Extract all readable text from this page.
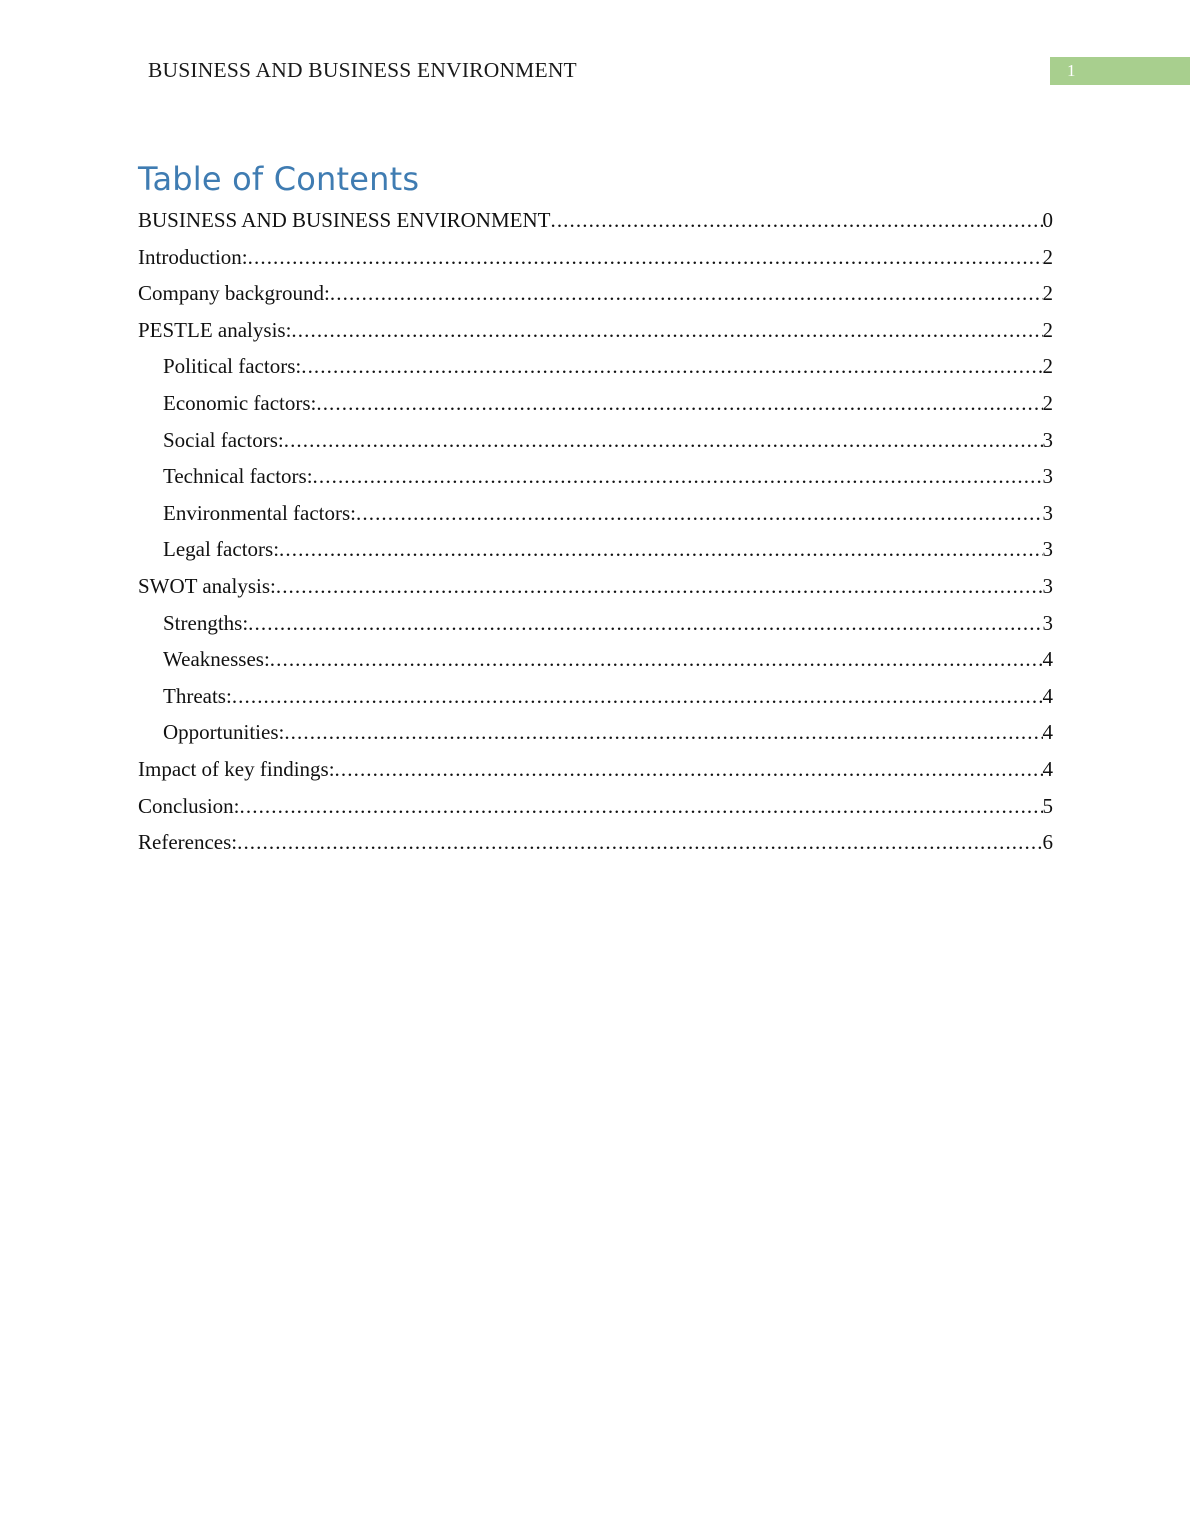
BUSINESS AND BUSINESS ENVIRONMENT	1
Table of Contents
BUSINESS AND BUSINESS ENVIRONMENT .....	0
Introduction: .....	2
Company background: .....	2
PESTLE analysis: .....	2
Political factors: .....	2
Economic factors: .....	2
Social factors: .....	3
Technical factors: .....	3
Environmental factors: .....	3
Legal factors: .....	3
SWOT analysis: .....	3
Strengths: .....	3
Weaknesses: .....	4
Threats: .....	4
Opportunities: .....	4
Impact of key findings: .....	4
Conclusion: .....	5
References: .....	6
